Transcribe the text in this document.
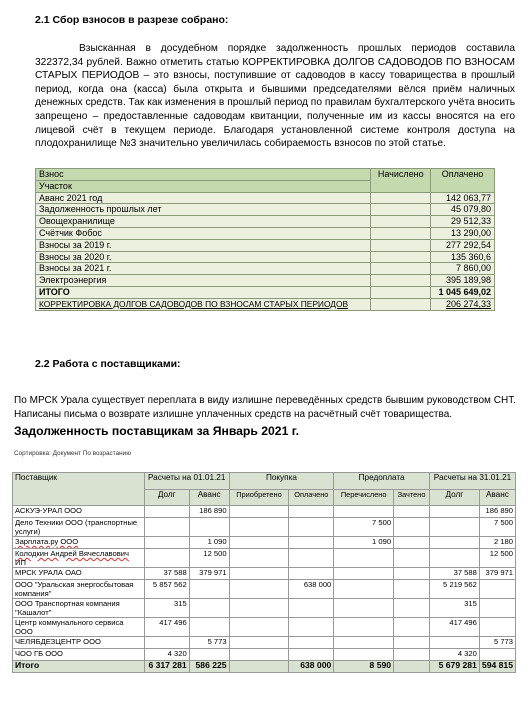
2.1 Сбор взносов в разрезе собрано:
Взысканная в досудебном порядке задолженность прошлых периодов составила 322372,34 рублей. Важно отметить статью КОРРЕКТИРОВКА ДОЛГОВ САДОВОДОВ ПО ВЗНОСАМ СТАРЫХ ПЕРИОДОВ – это взносы, поступившие от садоводов в кассу товарищества в прошлый период, когда она (касса) была открыта и бывшими председателями вёлся приём наличных денежных средств. Так как изменения в прошлый период по правилам бухгалтерского учёта вносить запрещено – предоставленные садоводам квитанции, полученные им из кассы вносятся на его лицевой счёт в текущем периоде. Благодаря установленной системе контроля доступа на плодохранилище №3 значительно увеличилась собираемость взносов по этой статье.
Взнос	Начислено	Оплачено
Участок		
Аванс 2021 год		142 063,77
Задолженность прошлых лет		45 079,80
Овощехранилище		29 512,33
Счётчик Фобос		13 290,00
Взносы за 2019 г.		277 292,54
Взносы за 2020 г.		135 360,6
Взносы за 2021 г.		7 860,00
Электроэнергия		395 189,98
ИТОГО		1 045 649,02
КОРРЕКТИРОВКА ДОЛГОВ САДОВОДОВ ПО ВЗНОСАМ СТАРЫХ ПЕРИОДОВ		206 274,33
2.2 Работа с поставщиками:
По МРСК Урала существует переплата в виду излишне переведённых средств бывшим руководством СНТ. Написаны письма о возврате излишне уплаченных средств на расчётный счёт товарищества.
Задолженность поставщикам за Январь 2021 г.
Сортировка: Документ По возрастанию
Поставщик	Расчеты на 01.01.21		Покупка		Предоплата		Расчеты на 31.01.21	
	Долг	Аванс	Приобретено	Оплачено	Перечислено	Зачтено	Долг	Аванс
АСКУЭ-УРАЛ ООО		186 890						186 890
Дело Техники ООО (транспортные услуги)					7 500			7 500
Зарплата.ру ООО		1 090			1 090			2 180
Колодкин Андрей Вячеславович ИП		12 500						12 500
МРСК УРАЛА ОАО	37 588	379 971					37 588	379 971
ООО "Уральская энергосбытовая компания"	5 857 562			638 000			5 219 562	
ООО Транспортная компания "Кашалот"	315						315	
Центр коммунального сервиса ООО	417 496						417 496	
ЧЕЛЯБДЕЗЦЕНТР ООО		5 773						5 773
ЧОО ГБ ООО	4 320						4 320	
Итого	6 317 281	586 225		638 000	8 590		5 679 281	594 815
